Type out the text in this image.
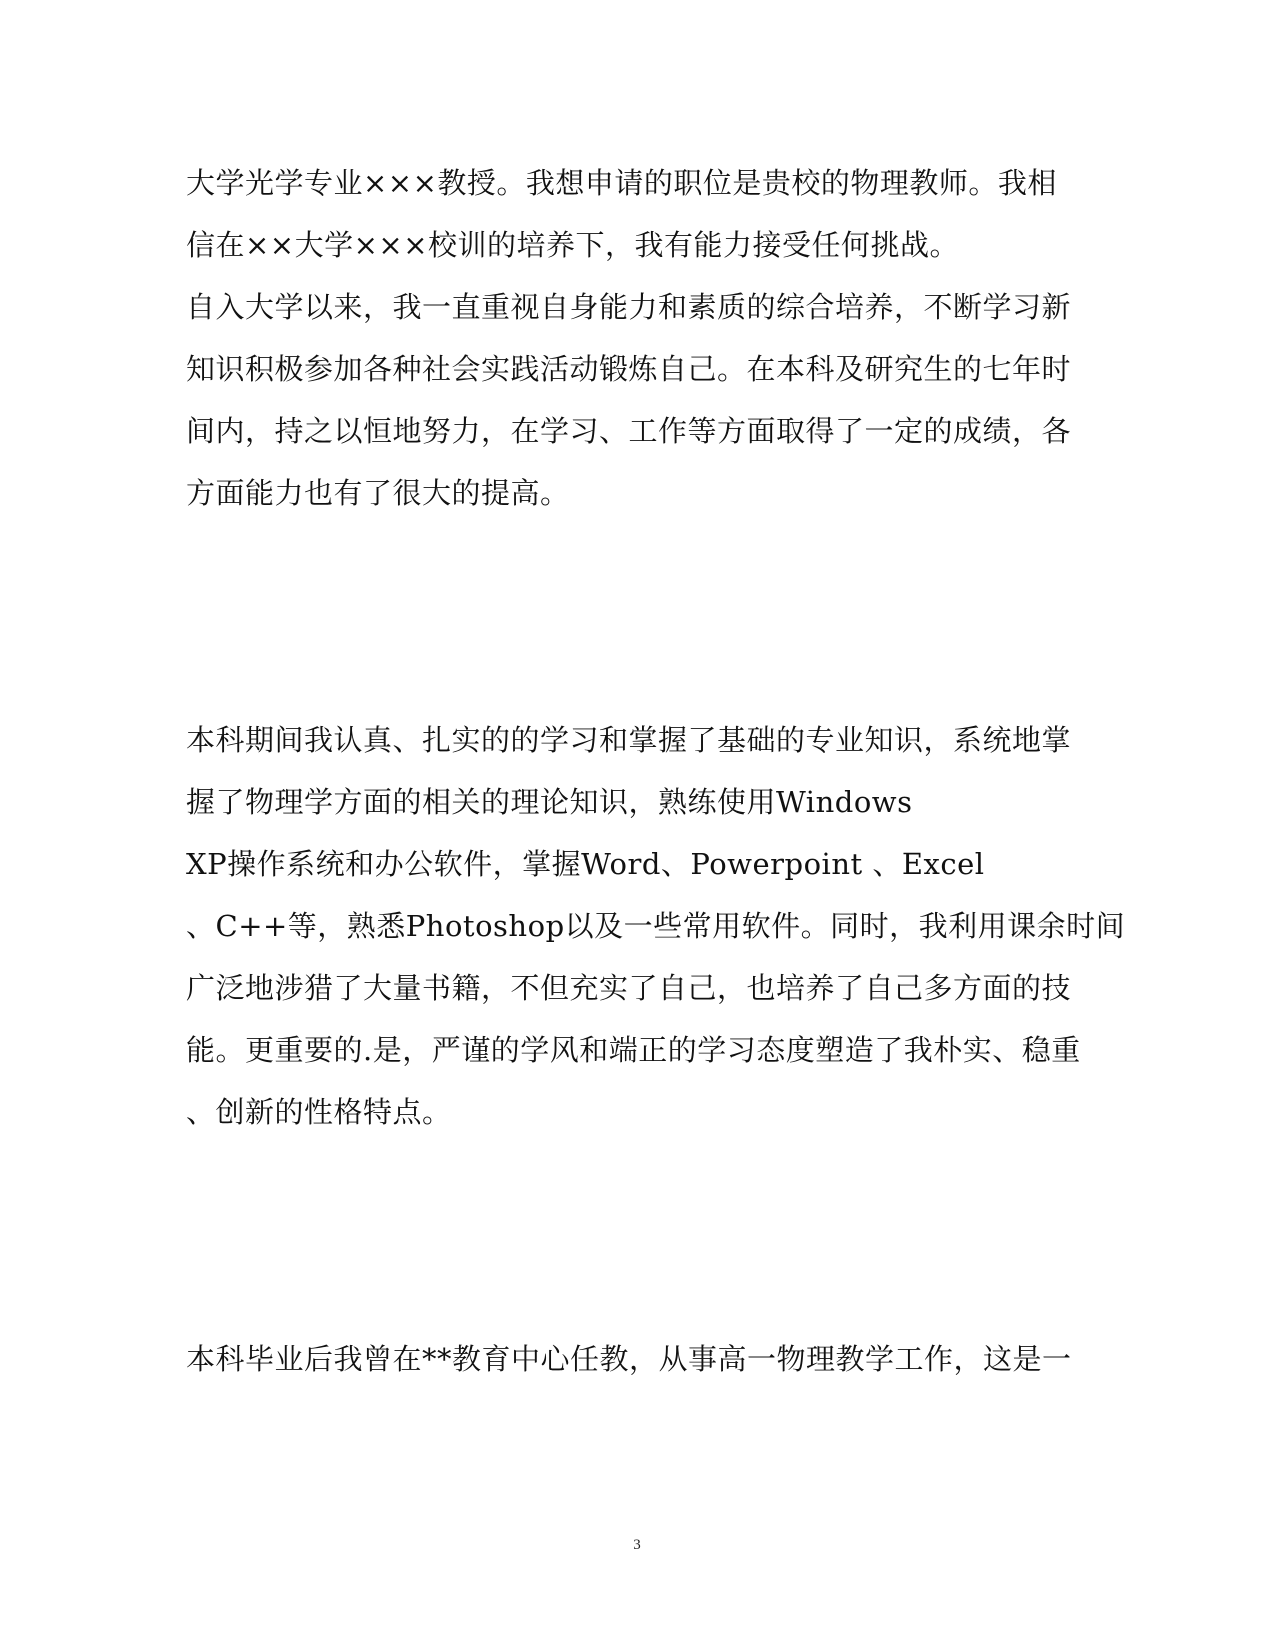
大学光学专业×××教授。我想申请的职位是贵校的物理教师。我相
信在××大学×××校训的培养下，我有能力接受任何挑战。
自入大学以来，我一直重视自身能力和素质的综合培养，不断学习新
知识积极参加各种社会实践活动锻炼自己。在本科及研究生的七年时
间内，持之以恒地努力，在学习、工作等方面取得了一定的成绩，各
方面能力也有了很大的提高。
本科期间我认真、扎实的的学习和掌握了基础的专业知识，系统地掌
握了物理学方面的相关的理论知识，熟练使用Windows
XP操作系统和办公软件，掌握Word、Powerpoint 、Excel
、C++等，熟悉Photoshop以及一些常用软件。同时，我利用课余时间
广泛地涉猎了大量书籍，不但充实了自己，也培养了自己多方面的技
能。更重要的.是，严谨的学风和端正的学习态度塑造了我朴实、稳重
、创新的性格特点。
本科毕业后我曾在**教育中心任教，从事高一物理教学工作，这是一
3
